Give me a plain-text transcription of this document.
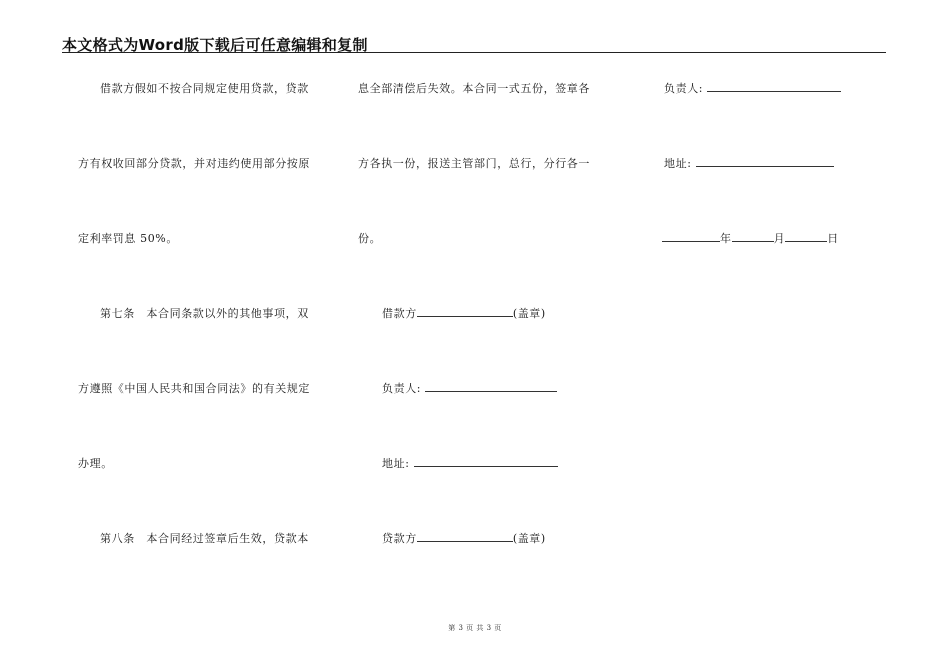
本文格式为Word版下载后可任意编辑和复制
借款方假如不按合同规定使用贷款，贷款
方有权收回部分贷款，并对违约使用部分按原
定利率罚息 50%。
第七条　本合同条款以外的其他事项，双
方遵照《中国人民共和国合同法》的有关规定
办理。
第八条　本合同经过签章后生效，贷款本
息全部清偿后失效。本合同一式五份，签章各
方各执一份，报送主管部门，总行，分行各一
份。
借款方	(盖章)
负责人:
地址:
贷款方	(盖章)
负责人:
地址:
年	月	日
第 3 页 共 3 页
